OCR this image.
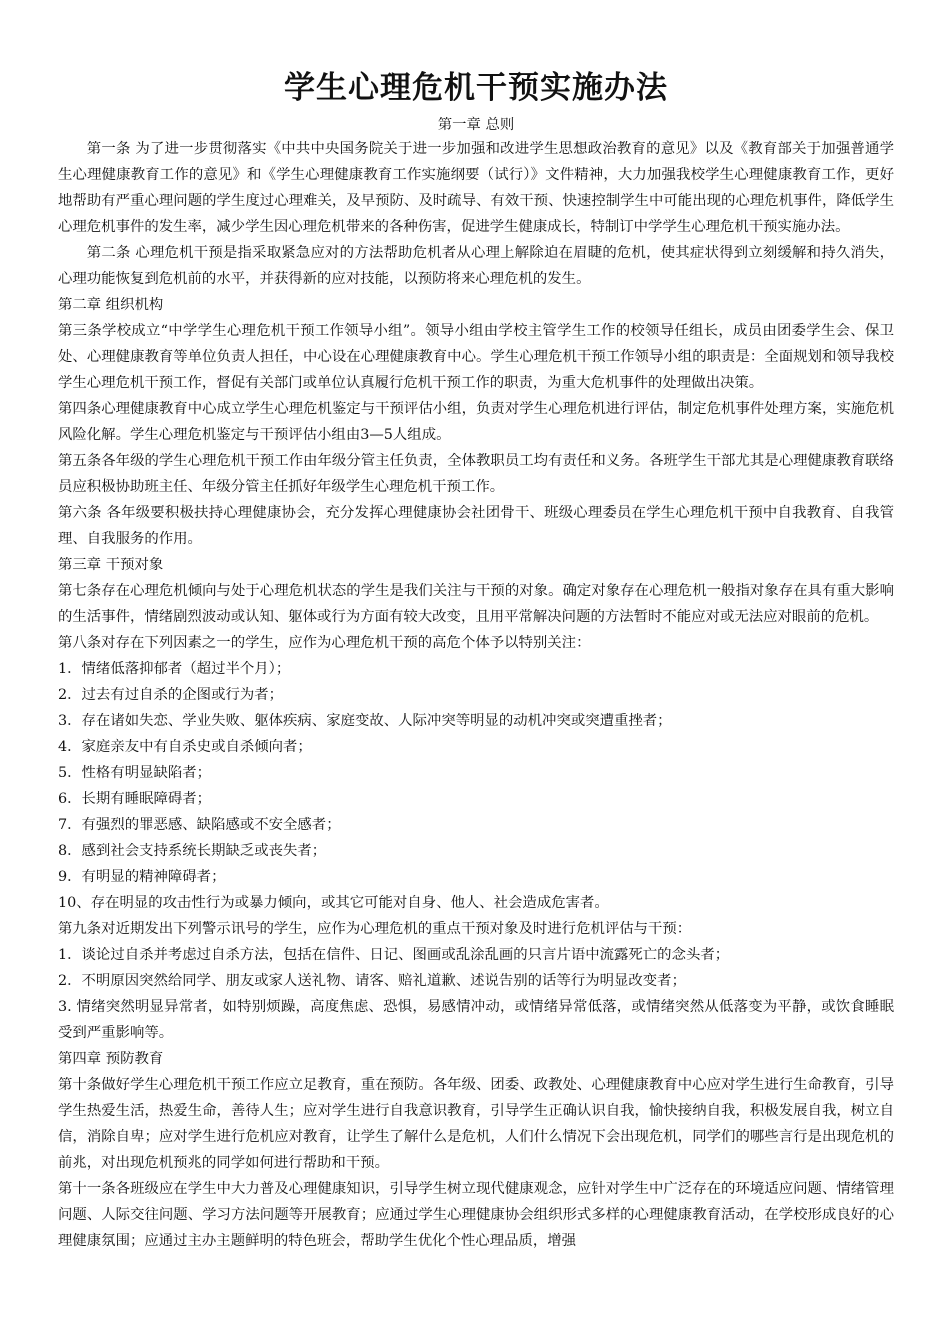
学生心理危机干预实施办法
第一章 总则

第一条 为了进一步贯彻落实《中共中央国务院关于进一步加强和改进学生思想政治教育的意见》以及《教育部关于加强普通学生心理健康教育工作的意见》和《学生心理健康教育工作实施纲要（试行）》文件精神，大力加强我校学生心理健康教育工作，更好地帮助有严重心理问题的学生度过心理难关，及早预防、及时疏导、有效干预、快速控制学生中可能出现的心理危机事件，降低学生心理危机事件的发生率，减少学生因心理危机带来的各种伤害，促进学生健康成长，特制订中学学生心理危机干预实施办法。

第二条 心理危机干预是指采取紧急应对的方法帮助危机者从心理上解除迫在眉睫的危机，使其症状得到立刻缓解和持久消失，心理功能恢复到危机前的水平，并获得新的应对技能，以预防将来心理危机的发生。

第二章 组织机构

第三条学校成立“中学学生心理危机干预工作领导小组”。领导小组由学校主管学生工作的校领导任组长，成员由团委学生会、保卫处、心理健康教育等单位负责人担任，中心设在心理健康教育中心。学生心理危机干预工作领导小组的职责是：全面规划和领导我校学生心理危机干预工作，督促有关部门或单位认真履行危机干预工作的职责，为重大危机事件的处理做出决策。

第四条心理健康教育中心成立学生心理危机鉴定与干预评估小组，负责对学生心理危机进行评估，制定危机事件处理方案，实施危机风险化解。学生心理危机鉴定与干预评估小组由3—5人组成。

第五条各年级的学生心理危机干预工作由年级分管主任负责，全体教职员工均有责任和义务。各班学生干部尤其是心理健康教育联络员应积极协助班主任、年级分管主任抓好年级学生心理危机干预工作。

第六条 各年级要积极扶持心理健康协会，充分发挥心理健康协会社团骨干、班级心理委员在学生心理危机干预中自我教育、自我管理、自我服务的作用。

第三章 干预对象

第七条存在心理危机倾向与处于心理危机状态的学生是我们关注与干预的对象。确定对象存在心理危机一般指对象存在具有重大影响的生活事件，情绪剧烈波动或认知、躯体或行为方面有较大改变，且用平常解决问题的方法暂时不能应对或无法应对眼前的危机。

第八条对存在下列因素之一的学生，应作为心理危机干预的高危个体予以特别关注：

1．情绪低落抑郁者（超过半个月）；
2．过去有过自杀的企图或行为者；
3．存在诸如失恋、学业失败、躯体疾病、家庭变故、人际冲突等明显的动机冲突或突遭重挫者；
4．家庭亲友中有自杀史或自杀倾向者；
5．性格有明显缺陷者；
6．长期有睡眠障碍者；
7．有强烈的罪恶感、缺陷感或不安全感者；
8．感到社会支持系统长期缺乏或丧失者；
9．有明显的精神障碍者；
10、存在明显的攻击性行为或暴力倾向，或其它可能对自身、他人、社会造成危害者。

第九条对近期发出下列警示讯号的学生，应作为心理危机的重点干预对象及时进行危机评估与干预：

1．谈论过自杀并考虑过自杀方法，包括在信件、日记、图画或乱涂乱画的只言片语中流露死亡的念头者；
2．不明原因突然给同学、朋友或家人送礼物、请客、赔礼道歉、述说告别的话等行为明显改变者；

3. 情绪突然明显异常者，如特别烦躁，高度焦虑、恐惧，易感情冲动，或情绪异常低落，或情绪突然从低落变为平静，或饮食睡眠受到严重影响等。

第四章 预防教育

第十条做好学生心理危机干预工作应立足教育，重在预防。各年级、团委、政教处、心理健康教育中心应对学生进行生命教育，引导学生热爱生活，热爱生命，善待人生；应对学生进行自我意识教育，引导学生正确认识自我，愉快接纳自我，积极发展自我，树立自信，消除自卑；应对学生进行危机应对教育，让学生了解什么是危机，人们什么情况下会出现危机，同学们的哪些言行是出现危机的前兆，对出现危机预兆的同学如何进行帮助和干预。

第十一条各班级应在学生中大力普及心理健康知识，引导学生树立现代健康观念，应针对学生中广泛存在的环境适应问题、情绪管理问题、人际交往问题、学习方法问题等开展教育；应通过学生心理健康协会组织形式多样的心理健康教育活动，在学校形成良好的心理健康氛围；应通过主办主题鲜明的特色班会，帮助学生优化个性心理品质，增强
